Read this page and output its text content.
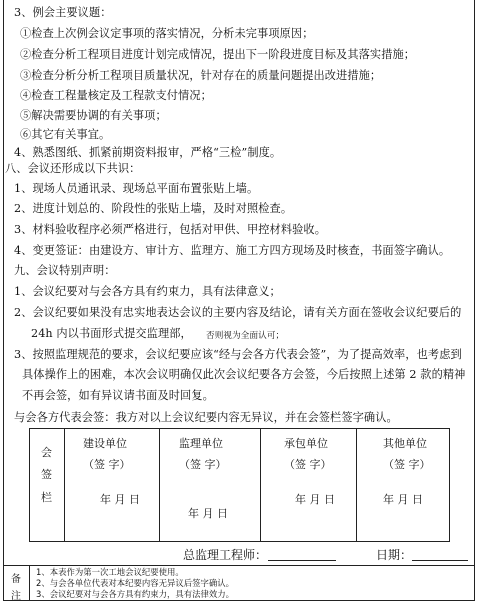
3、例会主要议题：
①检查上次例会议定事项的落实情况，分析未完事项原因；
②检查分析工程项目进度计划完成情况，提出下一阶段进度目标及其落实措施；
③检查分析分析工程项目质量状况，针对存在的质量问题提出改进措施；
④检查工程量核定及工程款支付情况；
⑤解决需要协调的有关事项；
⑥其它有关事宜。
4、熟悉图纸、抓紧前期资料报审，严格“三检”制度。
八、会议还形成以下共识：
1、现场人员通讯录、现场总平面布置张贴上墙。
2、进度计划总的、阶段性的张贴上墙，及时对照检查。
3、材料验收程序必须严格进行，包括对甲供、甲控材料验收。
4、变更签证：由建设方、审计方、监理方、施工方四方现场及时核查，书面签字确认。
九、会议特别声明：
1、会议纪要对与会各方具有约束力，具有法律意义；
2、会议纪要如果没有忠实地表达会议的主要内容及结论，请有关方面在签收会议纪要后的
24h 内以书面形式提交监理部， 否则视为全面认可；
3、按照监理规范的要求，会议纪要应该“经与会各方代表会签”，为了提高效率，也考虑到
具体操作上的困难，本次会议明确仅此次会议纪要各方会签，今后按照上述第 2 款的精神
不再会签，如有异议请书面及时回复。
与会各方代表会签：我方对以上会议纪要内容无异议，并在会签栏签字确认。
会
签
栏
建设单位
（签 字）
年 月 日
监理单位
（签 字）
年 月 日
承包单位
（签 字）
年 月 日
其他单位
（签 字）
年 月 日
总监理工程师：	日期：
备
注
1、本表作为第一次工地会议纪要使用。
2、与会各单位代表对本纪要内容无异议后签字确认。
3、会议纪要对与会各方具有约束力，具有法律效力。
